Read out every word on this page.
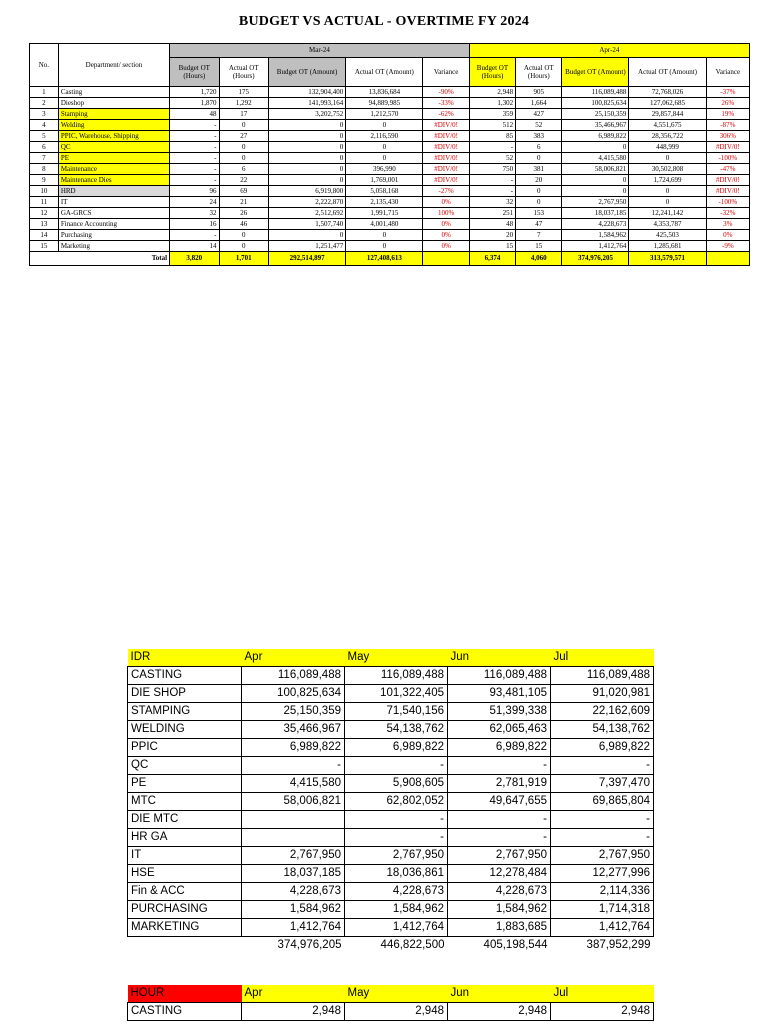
BUDGET VS ACTUAL - OVERTIME FY 2024
No.	Department/ section	Mar-24					Apr-24				
		Budget OT (Hours)	Actual OT (Hours)	Budget OT (Amount)	Actual OT (Amount)	Variance	Budget OT (Hours)	Actual OT (Hours)	Budget OT (Amount)	Actual OT (Amount)	Variance
1	Casting	1,720	175	132,904,400	13,836,684	-90%	2,948	905	116,089,488	72,768,026	-37%
2	Dieshop	1,870	1,292	141,993,164	94,889,985	-33%	1,302	1,664	100,825,634	127,062,685	26%
3	Stamping	48	17	3,202,752	1,212,570	-62%	359	427	25,150,359	29,857,844	19%
4	Welding	-	0	0	0	#DIV/0!	512	52	35,466,967	4,551,675	-87%
5	PPIC, Warehouse, Shipping	-	27	0	2,116,590	#DIV/0!	85	383	6,989,822	28,356,722	306%
6	QC	-	0	0	0	#DIV/0!	-	6	0	448,999	#DIV/0!
7	PE	-	0	0	0	#DIV/0!	52	0	4,415,580	0	-100%
8	Maintenance	-	6	0	396,990	#DIV/0!	750	381	58,006,821	30,502,808	-47%
9	Maintenance Dies	-	22	0	1,769,001	#DIV/0!	-	20	0	1,724,699	#DIV/0!
10	HRD	96	69	6,919,800	5,058,168	-27%	-	0	0	0	#DIV/0!
11	IT	24	21	2,222,870	2,135,430	0%	32	0	2,767,950	0	-100%
12	GA-GRCS	32	26	2,512,692	1,991,715	100%	251	153	18,037,185	12,241,142	-32%
13	Finance Accounting	16	46	1,507,740	4,001,480	0%	48	47	4,228,673	4,353,787	3%
14	Purchasing	-	0	0	0	0%	20	7	1,584,962	425,503	0%
15	Marketing	14	0	1,251,477	0	0%	15	15	1,412,764	1,285,681	-9%
Total		3,820	1,701	292,514,897	127,408,613		6,374	4,060	374,976,205	313,579,571	
IDR	Apr	May	Jun	Jul
CASTING	116,089,488	116,089,488	116,089,488	116,089,488
DIE SHOP	100,825,634	101,322,405	93,481,105	91,020,981
STAMPING	25,150,359	71,540,156	51,399,338	22,162,609
WELDING	35,466,967	54,138,762	62,065,463	54,138,762
PPIC	6,989,822	6,989,822	6,989,822	6,989,822
QC	-	-	-	-
PE	4,415,580	5,908,605	2,781,919	7,397,470
MTC	58,006,821	62,802,052	49,647,655	69,865,804
DIE MTC		-	-	-
HR GA		-	-	-
IT	2,767,950	2,767,950	2,767,950	2,767,950
HSE	18,037,185	18,036,861	12,278,484	12,277,996
Fin & ACC	4,228,673	4,228,673	4,228,673	2,114,336
PURCHASING	1,584,962	1,584,962	1,584,962	1,714,318
MARKETING	1,412,764	1,412,764	1,883,685	1,412,764
	374,976,205	446,822,500	405,198,544	387,952,299
HOUR	Apr	May	Jun	Jul
CASTING	2,948	2,948	2,948	2,948
